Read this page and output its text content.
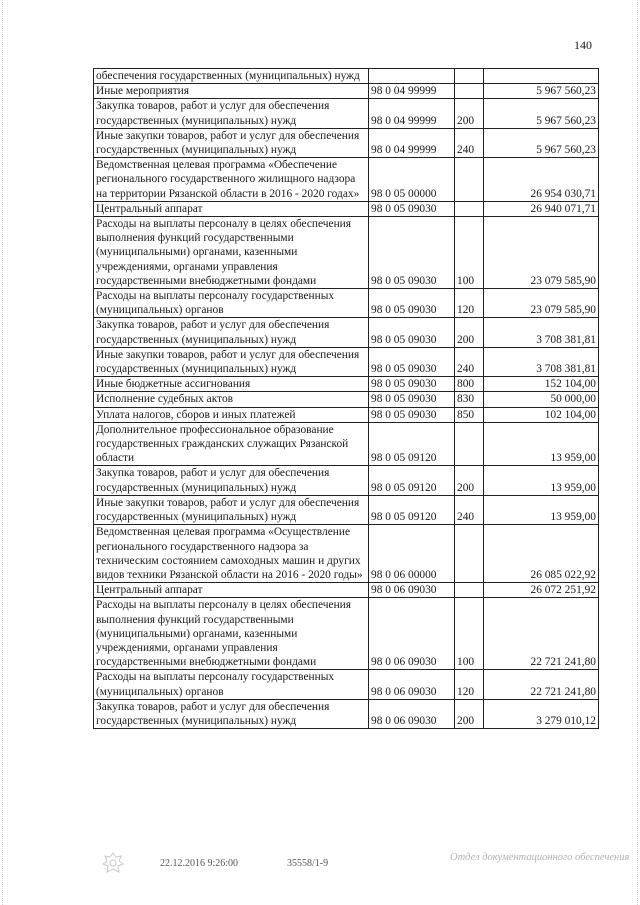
140
обеспечения государственных (муниципальных) нужд			
Иные мероприятия	98 0 04 99999		5 967 560,23
Закупка товаров, работ и услуг для обеспечения государственных (муниципальных) нужд	98 0 04 99999	200	5 967 560,23
Иные закупки товаров, работ и услуг для обеспечения государственных (муниципальных) нужд	98 0 04 99999	240	5 967 560,23
Ведомственная целевая программа «Обеспечение регионального государственного жилищного надзора на территории Рязанской области в 2016 - 2020 годах»	98 0 05 00000		26 954 030,71
Центральный аппарат	98 0 05 09030		26 940 071,71
Расходы на выплаты персоналу в целях обеспечения выполнения функций государственными (муниципальными) органами, казенными учреждениями, органами управления государственными внебюджетными фондами	98 0 05 09030	100	23 079 585,90
Расходы на выплаты персоналу государственных (муниципальных) органов	98 0 05 09030	120	23 079 585,90
Закупка товаров, работ и услуг для обеспечения государственных (муниципальных) нужд	98 0 05 09030	200	3 708 381,81
Иные закупки товаров, работ и услуг для обеспечения государственных (муниципальных) нужд	98 0 05 09030	240	3 708 381,81
Иные бюджетные ассигнования	98 0 05 09030	800	152 104,00
Исполнение судебных актов	98 0 05 09030	830	50 000,00
Уплата налогов, сборов и иных платежей	98 0 05 09030	850	102 104,00
Дополнительное профессиональное образование государственных гражданских служащих Рязанской области	98 0 05 09120		13 959,00
Закупка товаров, работ и услуг для обеспечения государственных (муниципальных) нужд	98 0 05 09120	200	13 959,00
Иные закупки товаров, работ и услуг для обеспечения государственных (муниципальных) нужд	98 0 05 09120	240	13 959,00
Ведомственная целевая программа «Осуществление регионального государственного надзора за техническим состоянием самоходных машин и других видов техники Рязанской области на 2016 - 2020 годы»	98 0 06 00000		26 085 022,92
Центральный аппарат	98 0 06 09030		26 072 251,92
Расходы на выплаты персоналу в целях обеспечения выполнения функций государственными (муниципальными) органами, казенными учреждениями, органами управления государственными внебюджетными фондами	98 0 06 09030	100	22 721 241,80
Расходы на выплаты персоналу государственных (муниципальных) органов	98 0 06 09030	120	22 721 241,80
Закупка товаров, работ и услуг для обеспечения государственных (муниципальных) нужд	98 0 06 09030	200	3 279 010,12
22.12.2016 9:26:00	35558/1-9
Отдел документационного обеспечения
